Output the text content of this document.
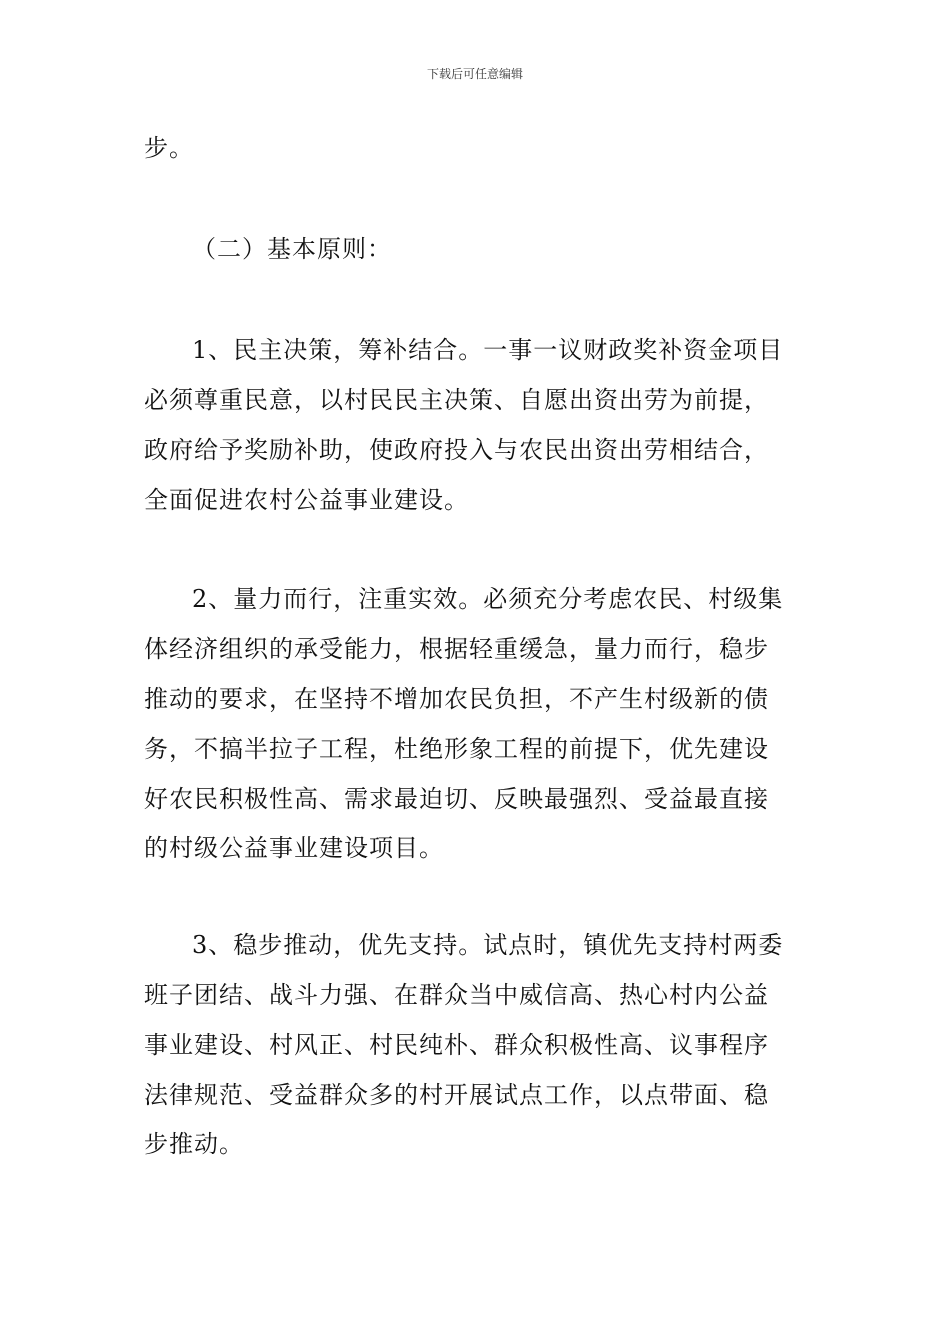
下载后可任意编辑
步。
（二）基本原则：
1、民主决策，筹补结合。一事一议财政奖补资金项目
必须尊重民意，以村民民主决策、自愿出资出劳为前提，
政府给予奖励补助，使政府投入与农民出资出劳相结合，
全面促进农村公益事业建设。
2、量力而行，注重实效。必须充分考虑农民、村级集
体经济组织的承受能力，根据轻重缓急，量力而行，稳步
推动的要求，在坚持不增加农民负担，不产生村级新的债
务，不搞半拉子工程，杜绝形象工程的前提下，优先建设
好农民积极性高、需求最迫切、反映最强烈、受益最直接
的村级公益事业建设项目。
3、稳步推动，优先支持。试点时，镇优先支持村两委
班子团结、战斗力强、在群众当中威信高、热心村内公益
事业建设、村风正、村民纯朴、群众积极性高、议事程序
法律规范、受益群众多的村开展试点工作，以点带面、稳
步推动。
